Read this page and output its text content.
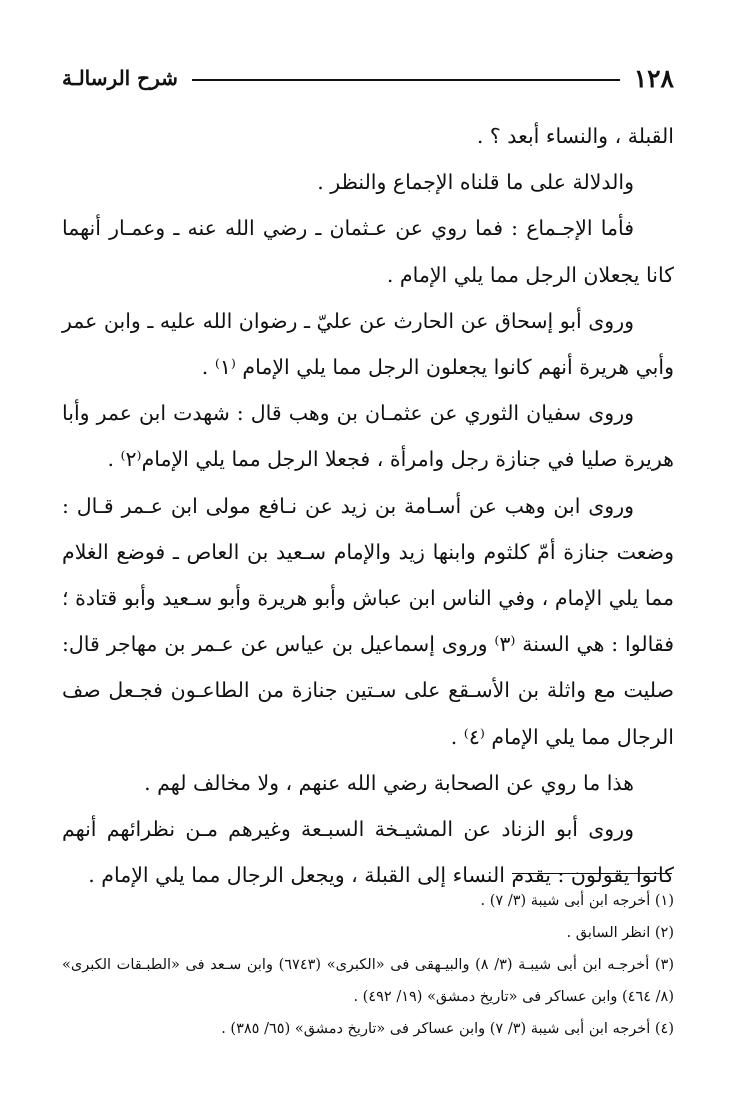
١٢٨
شرح الرسالـة

القبلة ، والنساء أبعد ؟ .

والدلالة على ما قلناه الإجماع والنظر .

فأما الإجـماع : فما روي عن عـثمان ـ رضي الله عنه ـ وعمـار أنهما كانا يجعلان الرجل مما يلي الإمام .

وروى أبو إسحاق عن الحارث عن عليّ ـ رضوان الله عليه ـ وابن عمر وأبي هريرة أنهم كانوا يجعلون الرجل مما يلي الإمام ⁽١⁾ .

وروى سفيان الثوري عن عثمـان بن وهب قال : شهدت ابن عمر وأبا هريرة صليا في جنازة رجل وامرأة ، فجعلا الرجل مما يلي الإمام⁽٢⁾ .

وروى ابن وهب عن أسـامة بن زيد عن نـافع مولى ابن عـمر قـال : وضعت جنازة أمّ كلثوم وابنها زيد والإمام سـعيد بن العاص ـ فوضع الغلام مما يلي الإمام ، وفي الناس ابن عباش وأبو هريرة وأبو سـعيد وأبو قتادة ؛ فقالوا : هي السنة ⁽٣⁾ وروى إسماعيل بن عياس عن عـمر بن مهاجر قال: صليت مع واثلة بن الأسـقع على سـتين جنازة من الطاعـون فجـعل صف الرجال مما يلي الإمام ⁽٤⁾ .

هذا ما روي عن الصحابة رضي الله عنهم ، ولا مخالف لهم .

وروى أبو الزناد عن المشيـخة السبـعة وغيرهم مـن نظرائهم أنهم كانوا يقولون : يقدم النساء إلى القبلة ، ويجعل الرجال مما يلي الإمام .

(١) أخرجه ابن أبى شيبة (٣/ ٧) .

(٢) انظر السابق .

(٣) أخرجـه ابن أبى شيبـة (٣/ ٨) والبيـهقى فى «الكبرى» (٦٧٤٣) وابن سـعد فى «الطبـقات الكبرى» (٨/ ٤٦٤) وابن عساكر فى «تاريخ دمشق» (١٩/ ٤٩٢) .

(٤) أخرجه ابن أبى شيبة (٣/ ٧) وابن عساكر فى «تاريخ دمشق» (٦٥/ ٣٨٥) .
